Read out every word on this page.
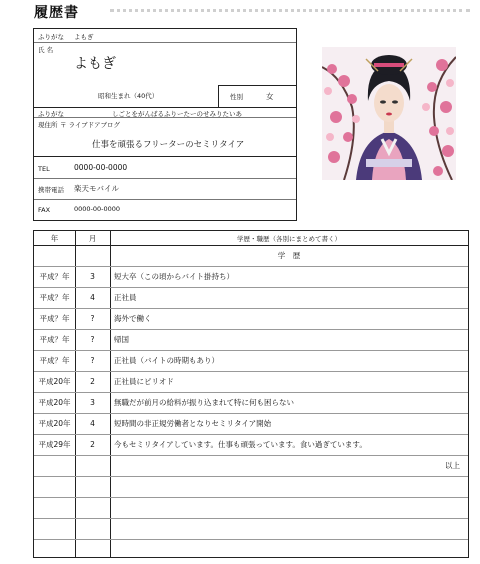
履歴書
ふりがな よもぎ
氏 名
よもぎ
昭和生まれ（40代）	性別	女
ふりがな	しごとをがんばるふりーたーのせみりたいあ
現住所 〒 ライブドアブログ
仕事を頑張るフリーターのセミリタイア
TEL	0000-00-0000
携帯電話 楽天モバイル
FAX	0000-00-0000
年	月	学歴・職歴（各別にまとめて書く）
学　歴
平成？年	3	短大卒（この頃からバイト掛持ち）
平成？年	4	正社員
平成？年	?	海外で働く
平成？年	?	帰国
平成？年	?	正社員（バイトの時期もあり）
平成20年	2	正社員にピリオド
平成20年	3	無職だが前月の給料が振り込まれて特に何も困らない
平成20年	4	短時間の非正規労働者となりセミリタイア開始
平成29年	2	今もセミリタイアしています。仕事も頑張っています。食い過ぎています。
以上
